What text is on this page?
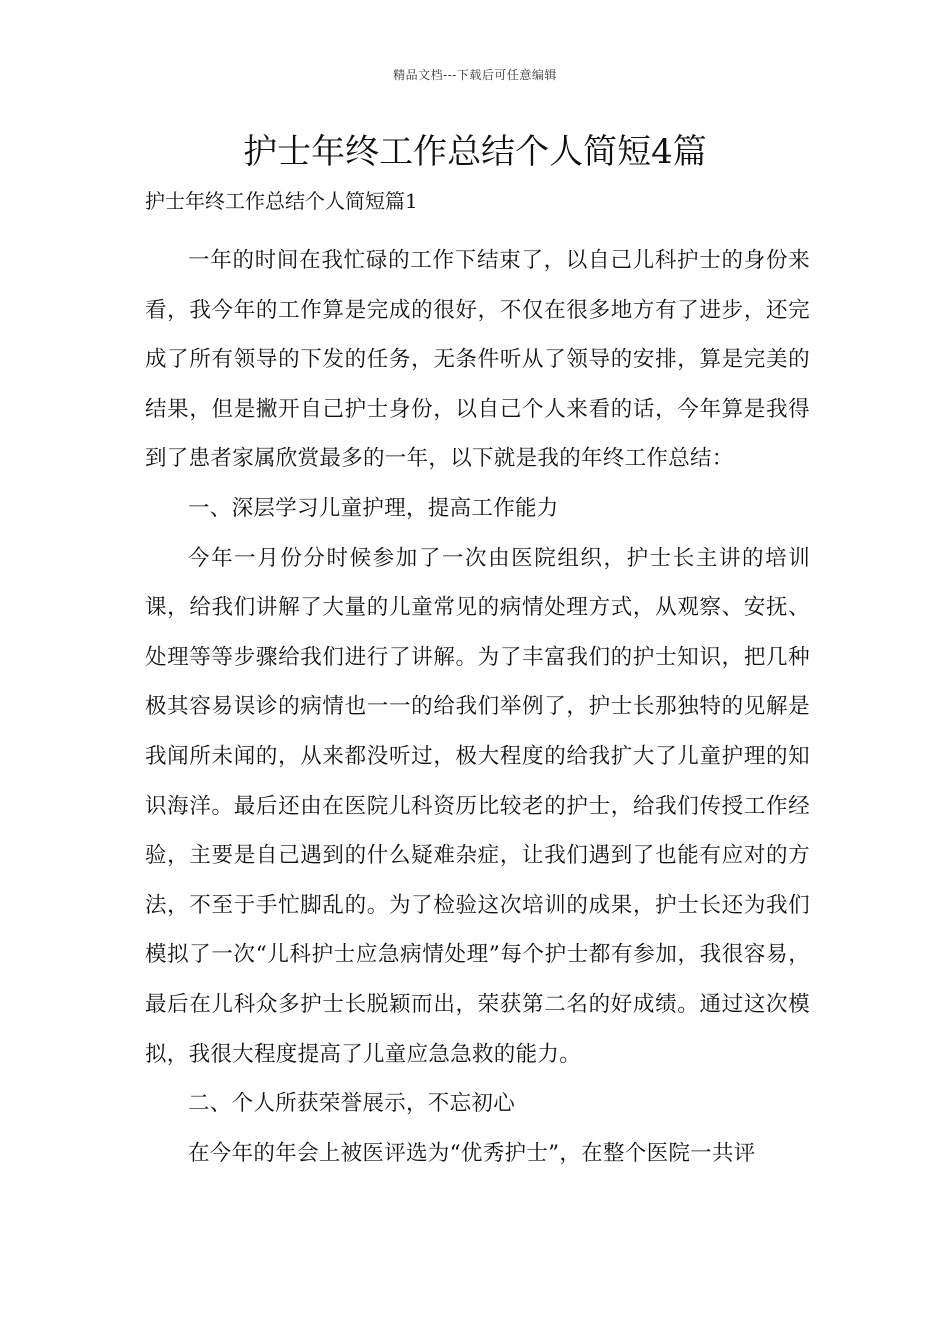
精品文档---下载后可任意编辑
护士年终工作总结个人简短4篇

护士年终工作总结个人简短篇1

一年的时间在我忙碌的工作下结束了，以自己儿科护士的身份来看，我今年的工作算是完成的很好，不仅在很多地方有了进步，还完成了所有领导的下发的任务，无条件听从了领导的安排，算是完美的结果，但是撇开自己护士身份，以自己个人来看的话，今年算是我得到了患者家属欣赏最多的一年，以下就是我的年终工作总结：

一、深层学习儿童护理，提高工作能力

今年一月份分时候参加了一次由医院组织，护士长主讲的培训课，给我们讲解了大量的儿童常见的病情处理方式，从观察、安抚、处理等等步骤给我们进行了讲解。为了丰富我们的护士知识，把几种极其容易误诊的病情也一一的给我们举例了，护士长那独特的见解是我闻所未闻的，从来都没听过，极大程度的给我扩大了儿童护理的知识海洋。最后还由在医院儿科资历比较老的护士，给我们传授工作经验，主要是自己遇到的什么疑难杂症，让我们遇到了也能有应对的方法，不至于手忙脚乱的。为了检验这次培训的成果，护士长还为我们模拟了一次“儿科护士应急病情处理”每个护士都有参加，我很容易，最后在儿科众多护士长脱颖而出，荣获第二名的好成绩。通过这次模拟，我很大程度提高了儿童应急急救的能力。

二、个人所获荣誉展示，不忘初心

在今年的年会上被医评选为“优秀护士”，在整个医院一共评
